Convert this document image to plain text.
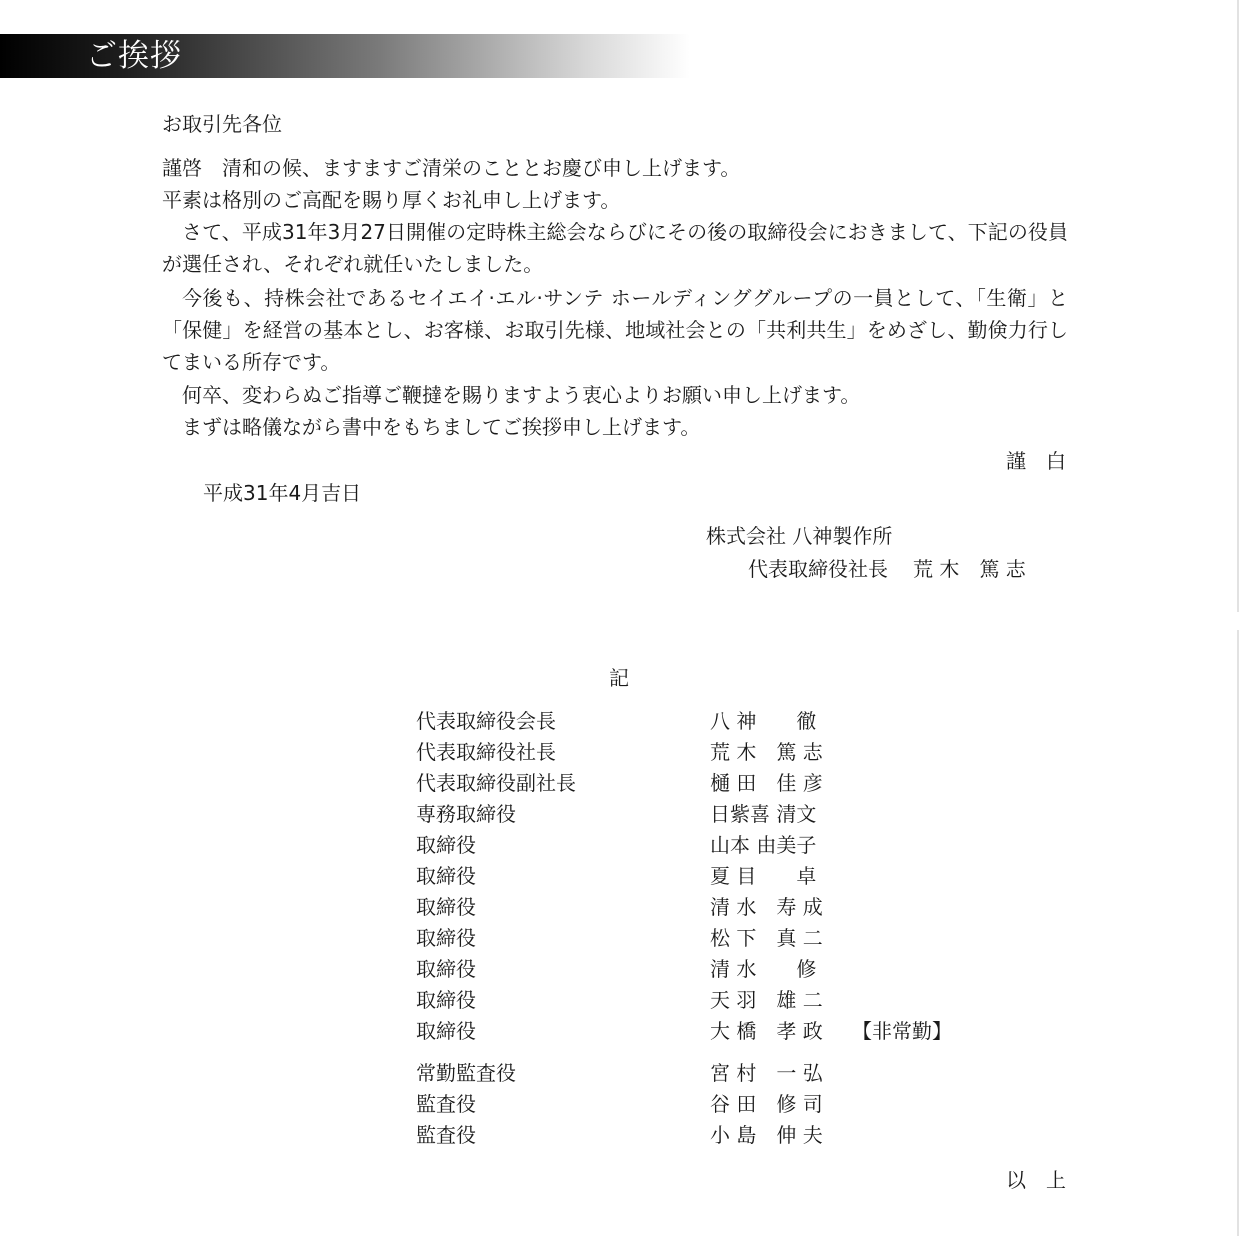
ご挨拶
お取引先各位
謹啓　清和の候、ますますご清栄のこととお慶び申し上げます。
平素は格別のご高配を賜り厚くお礼申し上げます。
さて、平成31年3月27日開催の定時株主総会ならびにその後の取締役会におきまして、下記の役員が選任され、それぞれ就任いたしました。
今後も、持株会社であるセイエイ·エル·サンテ ホールディンググループの一員として、「生衛」と「保健」を経営の基本とし、お客様、お取引先様、地域社会との「共利共生」をめざし、勤倹力行してまいる所存です。
何卒、変わらぬご指導ご鞭撻を賜りますよう衷心よりお願い申し上げます。
まずは略儀ながら書中をもちましてご挨拶申し上げます。
謹　白
平成31年4月吉日
株式会社 八神製作所
代表取締役社長 荒 木　篤 志
記
代表取締役会長	八 神　　徹
代表取締役社長	荒 木　篤 志
代表取締役副社長	樋 田　佳 彦
専務取締役	日紫喜 清文
取締役	山本 由美子
取締役	夏 目　　卓
取締役	清 水　寿 成
取締役	松 下　真 二
取締役	清 水　　修
取締役	天 羽　雄 二
取締役	大 橋　孝 政 【非常勤】
常勤監査役	宮 村　一 弘
監査役	谷 田　修 司
監査役	小 島　伸 夫
以　上
